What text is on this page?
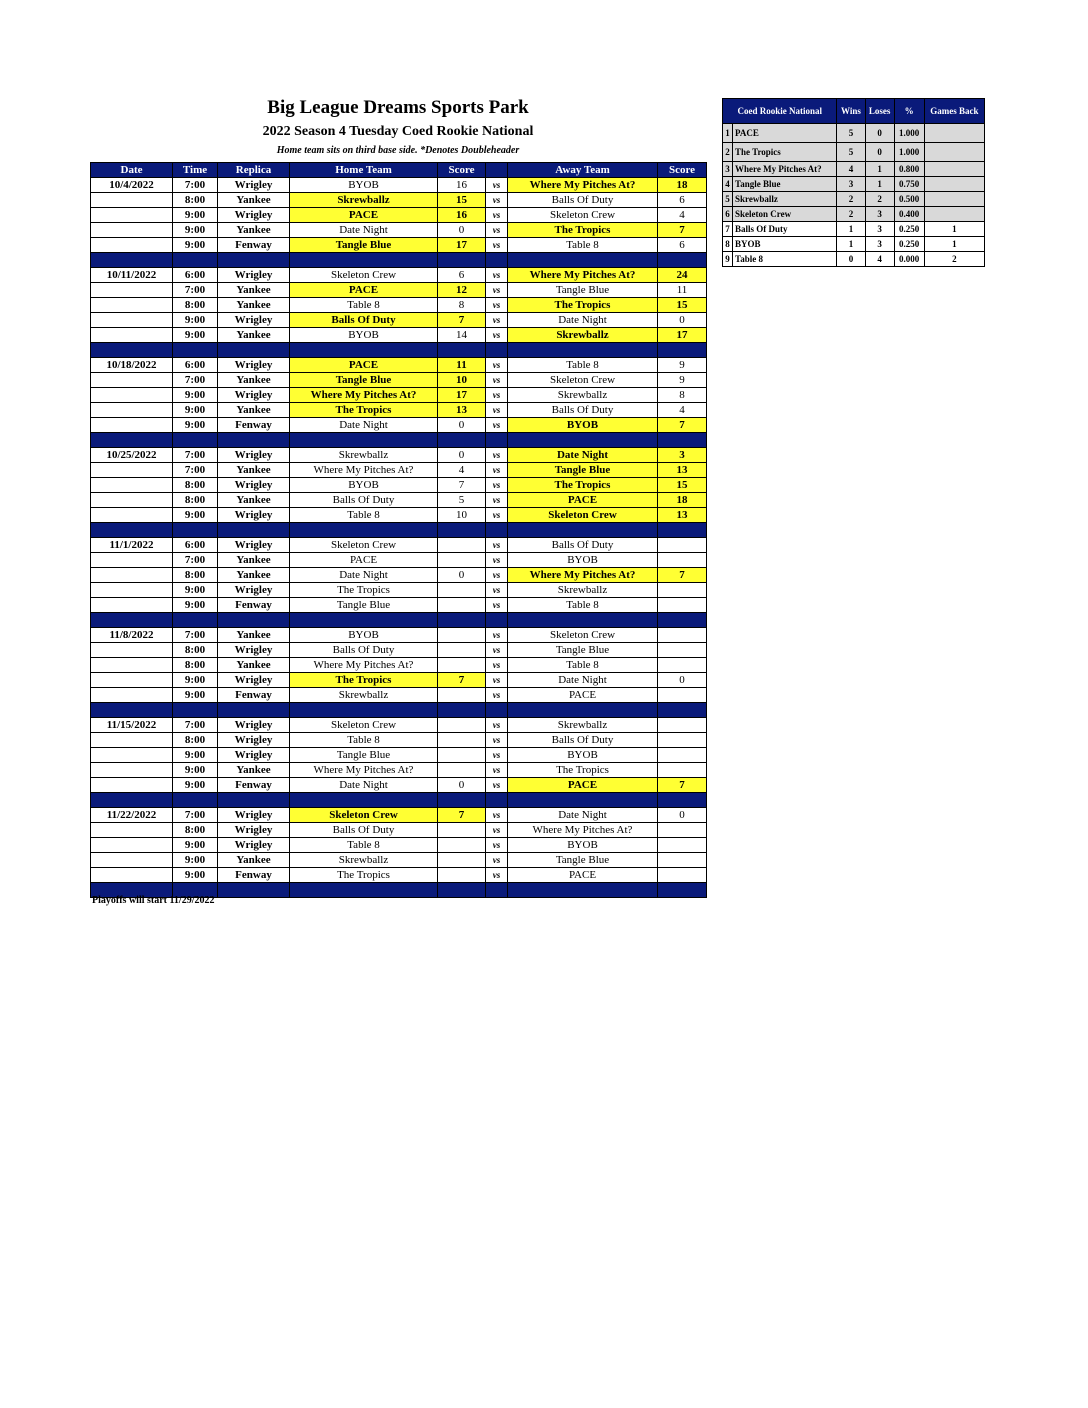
Big League Dreams Sports Park
2022 Season 4 Tuesday Coed Rookie National
Home team sits on third base side. *Denotes Doubleheader
Date	Time	Replica	Home Team	Score		Away Team	Score
10/4/2022	7:00	Wrigley	BYOB	16	vs	Where My Pitches At?	18
	8:00	Yankee	Skrewballz	15	vs	Balls Of Duty	6
	9:00	Wrigley	PACE	16	vs	Skeleton Crew	4
	9:00	Yankee	Date Night	0	vs	The Tropics	7
	9:00	Fenway	Tangle Blue	17	vs	Table 8	6

10/11/2022	6:00	Wrigley	Skeleton Crew	6	vs	Where My Pitches At?	24
	7:00	Yankee	PACE	12	vs	Tangle Blue	11
	8:00	Yankee	Table 8	8	vs	The Tropics	15
	9:00	Wrigley	Balls Of Duty	7	vs	Date Night	0
	9:00	Yankee	BYOB	14	vs	Skrewballz	17

10/18/2022	6:00	Wrigley	PACE	11	vs	Table 8	9
	7:00	Yankee	Tangle Blue	10	vs	Skeleton Crew	9
	9:00	Wrigley	Where My Pitches At?	17	vs	Skrewballz	8
	9:00	Yankee	The Tropics	13	vs	Balls Of Duty	4
	9:00	Fenway	Date Night	0	vs	BYOB	7

10/25/2022	7:00	Wrigley	Skrewballz	0	vs	Date Night	3
	7:00	Yankee	Where My Pitches At?	4	vs	Tangle Blue	13
	8:00	Wrigley	BYOB	7	vs	The Tropics	15
	8:00	Yankee	Balls Of Duty	5	vs	PACE	18
	9:00	Wrigley	Table 8	10	vs	Skeleton Crew	13

11/1/2022	6:00	Wrigley	Skeleton Crew		vs	Balls Of Duty	
	7:00	Yankee	PACE		vs	BYOB	
	8:00	Yankee	Date Night	0	vs	Where My Pitches At?	7
	9:00	Wrigley	The Tropics		vs	Skrewballz	
	9:00	Fenway	Tangle Blue		vs	Table 8	

11/8/2022	7:00	Yankee	BYOB		vs	Skeleton Crew	
	8:00	Wrigley	Balls Of Duty		vs	Tangle Blue	
	8:00	Yankee	Where My Pitches At?		vs	Table 8	
	9:00	Wrigley	The Tropics	7	vs	Date Night	0
	9:00	Fenway	Skrewballz		vs	PACE	

11/15/2022	7:00	Wrigley	Skeleton Crew		vs	Skrewballz	
	8:00	Wrigley	Table 8		vs	Balls Of Duty	
	9:00	Wrigley	Tangle Blue		vs	BYOB	
	9:00	Yankee	Where My Pitches At?		vs	The Tropics	
	9:00	Fenway	Date Night	0	vs	PACE	7

11/22/2022	7:00	Wrigley	Skeleton Crew	7	vs	Date Night	0
	8:00	Wrigley	Balls Of Duty		vs	Where My Pitches At?	
	9:00	Wrigley	Table 8		vs	BYOB	
	9:00	Yankee	Skrewballz		vs	Tangle Blue	
	9:00	Fenway	The Tropics		vs	PACE	

Playoffs will start 11/29/2022
Coed Rookie National		Wins	Loses	%	Games Back
1	PACE	5	0	1.000	
2	The Tropics	5	0	1.000	
3	Where My Pitches At?	4	1	0.800	
4	Tangle Blue	3	1	0.750	
5	Skrewballz	2	2	0.500	
6	Skeleton Crew	2	3	0.400	
7	Balls Of Duty	1	3	0.250	1
8	BYOB	1	3	0.250	1
9	Table 8	0	4	0.000	2
